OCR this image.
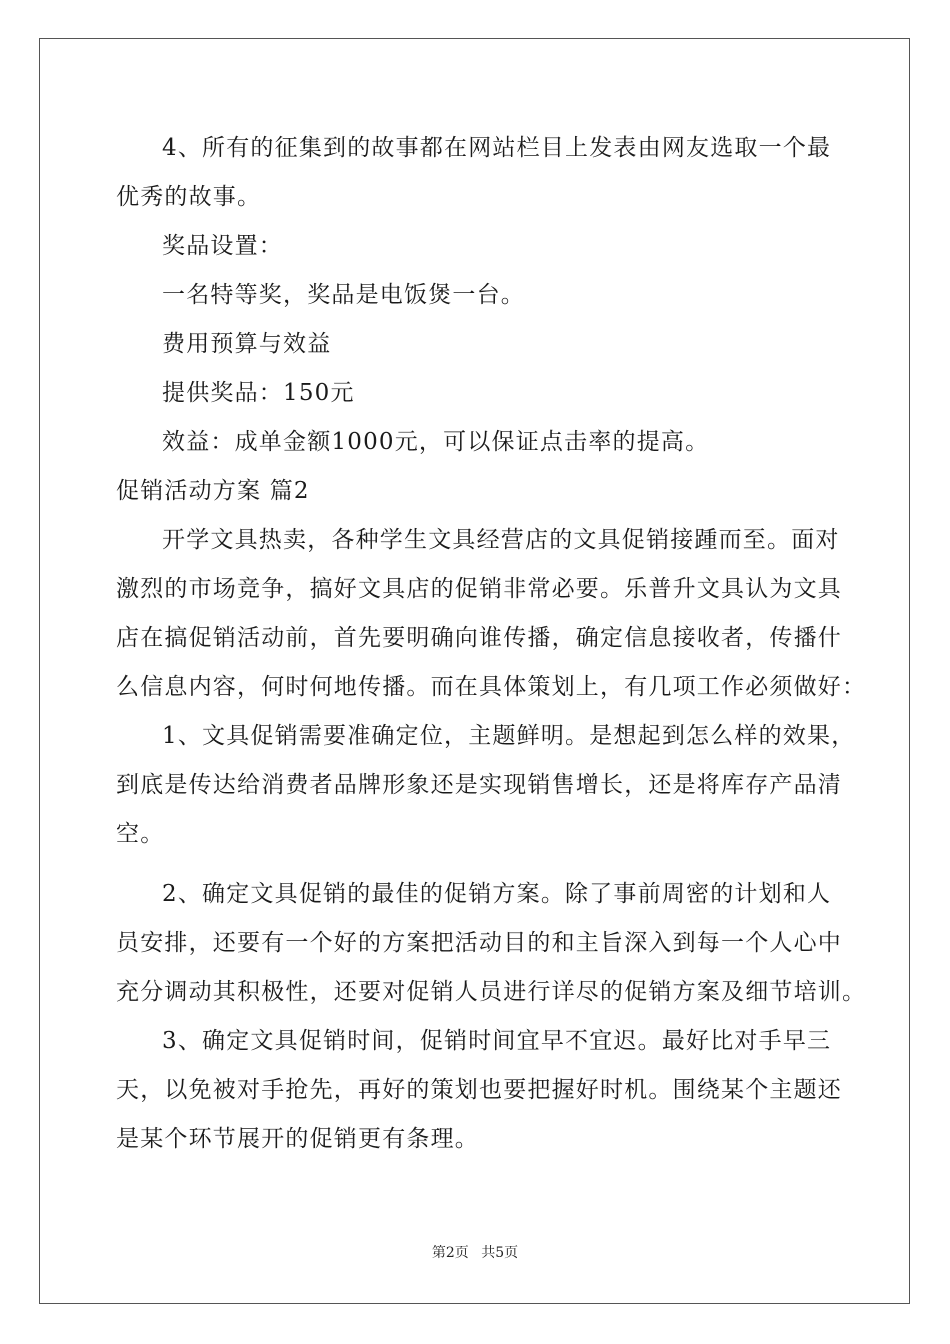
4、所有的征集到的故事都在网站栏目上发表由网友选取一个最
优秀的故事。
奖品设置：
一名特等奖，奖品是电饭煲一台。
费用预算与效益
提供奖品：150元
效益：成单金额1000元，可以保证点击率的提高。
促销活动方案 篇2
开学文具热卖，各种学生文具经营店的文具促销接踵而至。面对
激烈的市场竞争，搞好文具店的促销非常必要。乐普升文具认为文具
店在搞促销活动前，首先要明确向谁传播，确定信息接收者，传播什
么信息内容，何时何地传播。而在具体策划上，有几项工作必须做好：
1、文具促销需要准确定位，主题鲜明。是想起到怎么样的效果，
到底是传达给消费者品牌形象还是实现销售增长，还是将库存产品清
空。
2、确定文具促销的最佳的促销方案。除了事前周密的计划和人
员安排，还要有一个好的方案把活动目的和主旨深入到每一个人心中
充分调动其积极性，还要对促销人员进行详尽的促销方案及细节培训。
3、确定文具促销时间，促销时间宜早不宜迟。最好比对手早三
天，以免被对手抢先，再好的策划也要把握好时机。围绕某个主题还
是某个环节展开的促销更有条理。
第2页 共5页
